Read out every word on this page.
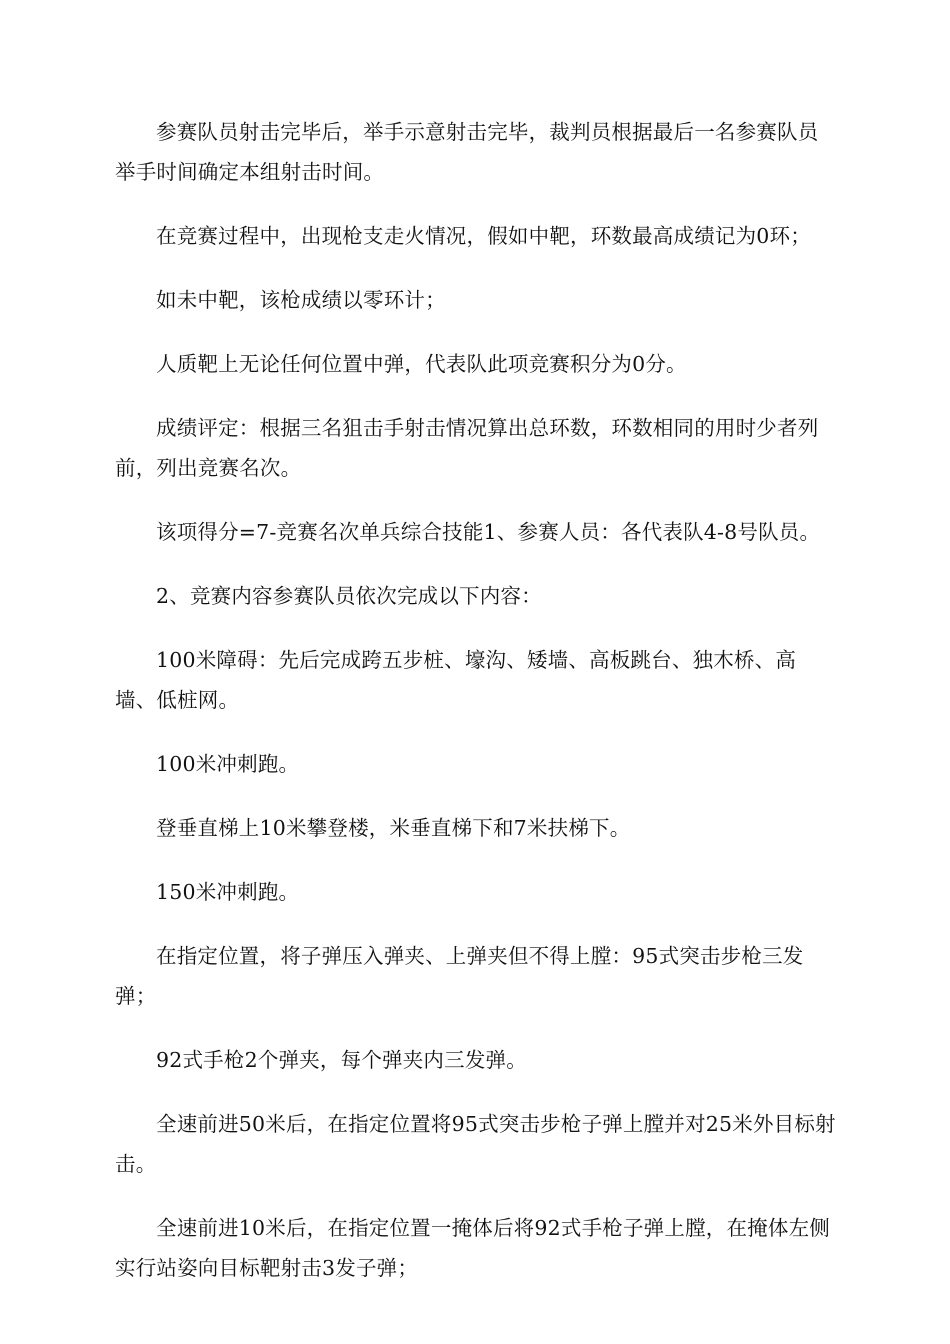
参赛队员射击完毕后，举手示意射击完毕，裁判员根据最后一名参赛队员举手时间确定本组射击时间。

在竞赛过程中，出现枪支走火情况，假如中靶，环数最高成绩记为0环；

如未中靶，该枪成绩以零环计；

人质靶上无论任何位置中弹，代表队此项竞赛积分为0分。

成绩评定：根据三名狙击手射击情况算出总环数，环数相同的用时少者列前，列出竞赛名次。

该项得分=7-竞赛名次单兵综合技能1、参赛人员：各代表队4-8号队员。

2、竞赛内容参赛队员依次完成以下内容：

100米障碍：先后完成跨五步桩、壕沟、矮墙、高板跳台、独木桥、高墙、低桩网。

100米冲刺跑。

登垂直梯上10米攀登楼，米垂直梯下和7米扶梯下。

150米冲刺跑。

在指定位置，将子弹压入弹夹、上弹夹但不得上膛：95式突击步枪三发弹；

92式手枪2个弹夹，每个弹夹内三发弹。

全速前进50米后，在指定位置将95式突击步枪子弹上膛并对25米外目标射击。

全速前进10米后，在指定位置一掩体后将92式手枪子弹上膛，在掩体左侧实行站姿向目标靶射击3发子弹；
